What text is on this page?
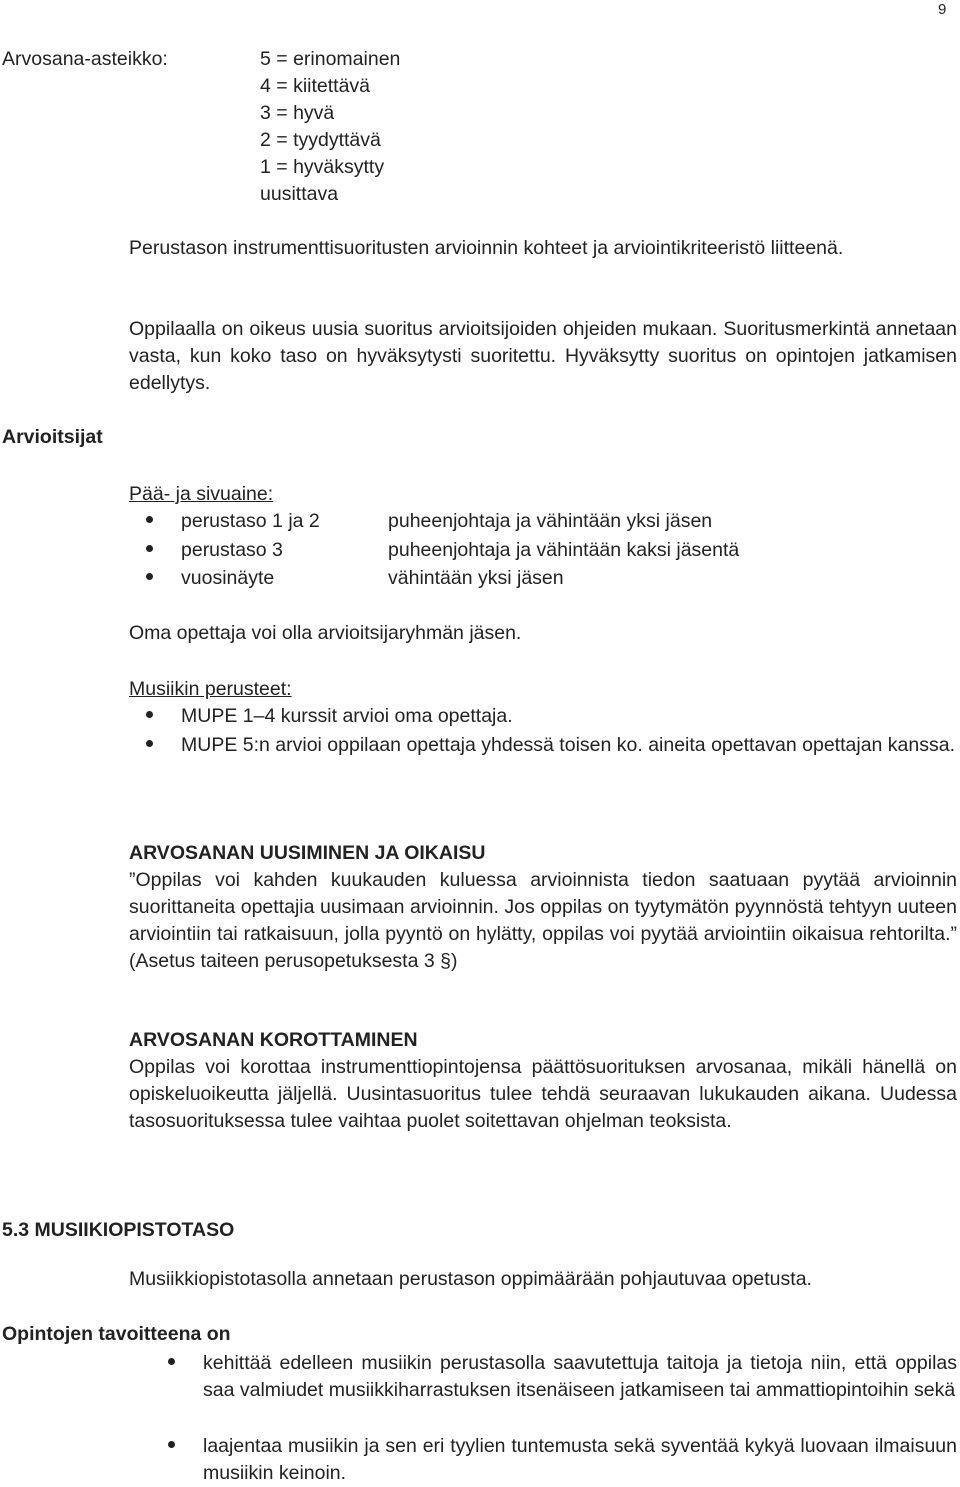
9
Arvosana-asteikko:	5 = erinomainen
4 = kiitettävä
3 = hyvä
2 = tyydyttävä
1 = hyväksytty
uusittava

Perustason instrumenttisuoritusten arvioinnin kohteet ja arviointikriteeristö liitteenä.

Oppilaalla on oikeus uusia suoritus arvioitsijoiden ohjeiden mukaan. Suoritusmerkintä annetaan vasta, kun koko taso on hyväksytysti suoritettu. Hyväksytty suoritus on opintojen jatkamisen edellytys.

Arvioitsijat
Pää- ja sivuaine:
perustaso 1 ja 2	puheenjohtaja ja vähintään yksi jäsen
perustaso 3	puheenjohtaja ja vähintään kaksi jäsentä
vuosinäyte	vähintään yksi jäsen
Oma opettaja voi olla arvioitsijaryhmän jäsen.
Musiikin perusteet:
MUPE 1–4 kurssit arvioi oma opettaja.
MUPE 5:n arvioi oppilaan opettaja yhdessä toisen ko. aineita opettavan opettajan kanssa.
ARVOSANAN UUSIMINEN JA OIKAISU

”Oppilas voi kahden kuukauden kuluessa arvioinnista tiedon saatuaan pyytää arvioinnin suorittaneita opettajia uusimaan arvioinnin. Jos oppilas on tyytymätön pyynnöstä tehtyyn uuteen arviointiin tai ratkaisuun, jolla pyyntö on hylätty, oppilas voi pyytää arviointiin oikaisua rehtorilta.” (Asetus taiteen perusopetuksesta 3 §)

ARVOSANAN KOROTTAMINEN

Oppilas voi korottaa instrumenttiopintojensa päättösuorituksen arvosanaa, mikäli hänellä on opiskeluoikeutta jäljellä. Uusintasuoritus tulee tehdä seuraavan lukukauden aikana. Uudessa tasosuorituksessa tulee vaihtaa puolet soitettavan ohjelman teoksista.

5.3 MUSIIKIOPISTOTASO
Musiikkiopistotasolla annetaan perustason oppimäärään pohjautuvaa opetusta.
Opintojen tavoitteena on

kehittää edelleen musiikin perustasolla saavutettuja taitoja ja tietoja niin, että oppilas saa valmiudet musiikkiharrastuksen itsenäiseen jatkamiseen tai ammattiopintoihin sekä

laajentaa musiikin ja sen eri tyylien tuntemusta sekä syventää kykyä luovaan ilmaisuun musiikin keinoin.
